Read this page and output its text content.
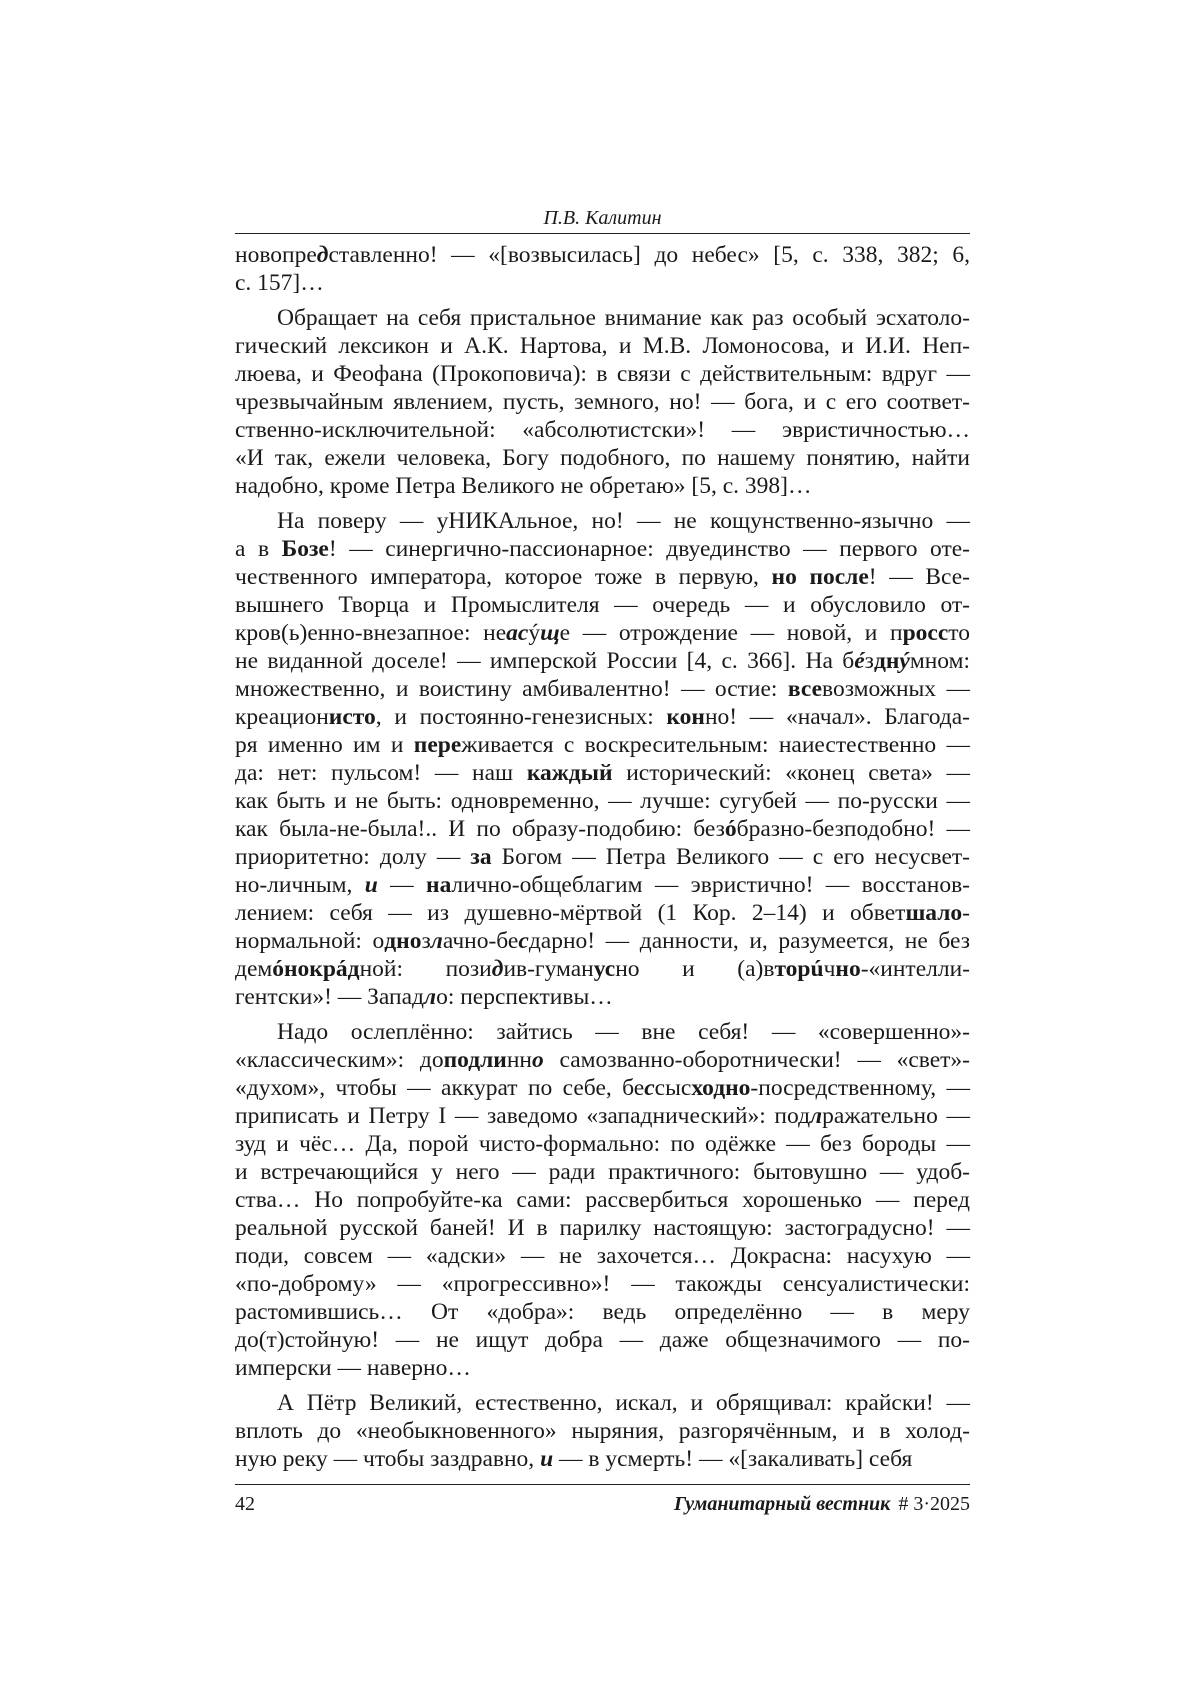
П.В. Калитин
новопредставленно! — «[возвысилась] до небес» [5, с. 338, 382; 6,
с. 157]…
Обращает на себя пристальное внимание как раз особый эсхатоло-
гический лексикон и А.К. Нартова, и М.В. Ломоносова, и И.И. Неп-
люева, и Феофана (Прокоповича): в связи с действительным: вдруг —
чрезвычайным явлением, пусть, земного, но! — бога, и с его соответ-
ственно-исключительной: «абсолютистски»! — эвристичностью…
«И так, ежели человека, Богу подобного, по нашему понятию, найти
надобно, кроме Петра Великого не обретаю» [5, с. 398]…
На поверу — уНИКАльное, но! — не кощунственно-язычно —
а в Бозе! — синергично-пассионарное: двуединство — первого оте-
чественного императора, которое тоже в первую, но после! — Все-
вышнего Творца и Промыслителя — очередь — и обусловило от-
кров(ь)енно-внезапное: неасýще — отрождение — новой, и проссто
не виданной доселе! — имперской России [4, с. 366]. На бéзднýмном:
множественно, и воистину амбивалентно! — остие: всевозможных —
креационисто, и постоянно-генезисных: конно! — «начал». Благода-
ря именно им и переживается с воскресительным: наиестественно —
да: нет: пульсом! — наш каждый исторический: «конец света» —
как быть и не быть: одновременно, — лучше: сугубей — по-русски —
как была-не-была!.. И по образу-подобию: безóбразно-безподобно! —
приоритетно: долу — за Богом — Петра Великого — с его несусвет-
но-личным, и — налично-общеблагим — эвристично! — восстанов-
лением: себя — из душевно-мёртвой (1 Кор. 2–14) и обветшало-
нормальной: однозлачно-бесдарно! — данности, и, разумеется, не без
демóнокрáдной: позидив-гуманусно и (а)вторúчно-«интелли-
гентски»! — Западло: перспективы…
Надо ослеплённо: зайтись — вне себя! — «совершенно»-
«классическим»: доподлинно самозванно-оборотнически! — «свет»-
«духом», чтобы — аккурат по себе, бессысходно-посредственному, —
приписать и Петру I — заведомо «западнический»: подлражательно —
зуд и чёс… Да, порой чисто-формально: по одёжке — без бороды —
и встречающийся у него — ради практичного: бытовушно — удоб-
ства… Но попробуйте-ка сами: рассвербиться хорошенько — перед
реальной русской баней! И в парилку настоящую: застоградусно! —
поди, совсем — «адски» — не захочется… Докрасна: насухую —
«по-доброму» — «прогрессивно»! — такожды сенсуалистически:
растомившись… От «добра»: ведь определённо — в меру
до(т)стойную! — не ищут добра — даже общезначимого — по-
имперски — наверно…
А Пётр Великий, естественно, искал, и обрящивал: крайски! —
вплоть до «необыкновенного» ныряния, разгорячённым, и в холод-
ную реку — чтобы заздравно, и — в усмерть! — «[закаливать] себя
42	Гуманитарный вестник # 3·2025
